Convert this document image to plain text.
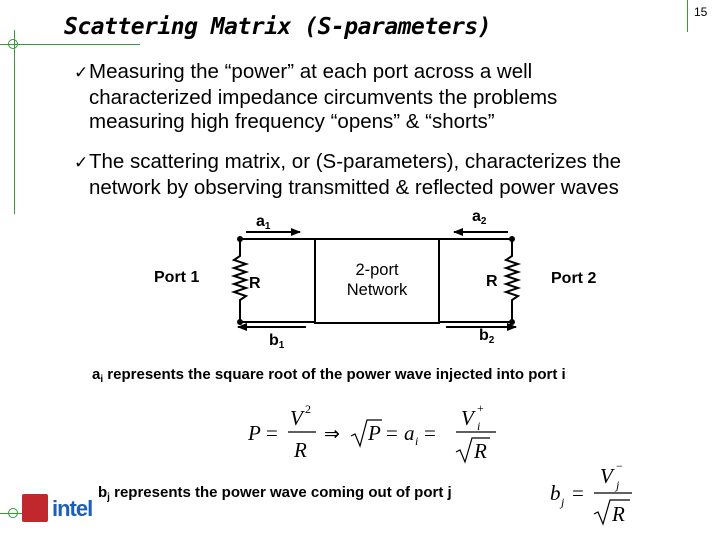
Scattering Matrix (S-parameters)
15
✓Measuring the “power” at each port across a well
characterized impedance circumvents the problems
measuring high frequency “opens” & “shorts”
✓The scattering matrix, or (S-parameters), characterizes the
network by observing transmitted & reflected power waves
2-port
Network
Port 1	Port 2
R	R
$a_1$
$a_2$
$b_1$
$b_2$
$a_i$ represents the square root of the power wave injected into port i
P =
V 2
R
⇒ P = a i =
V +
i
R
$b_j$ represents the power wave coming out of port j	b j =
V −
j
R
intel
